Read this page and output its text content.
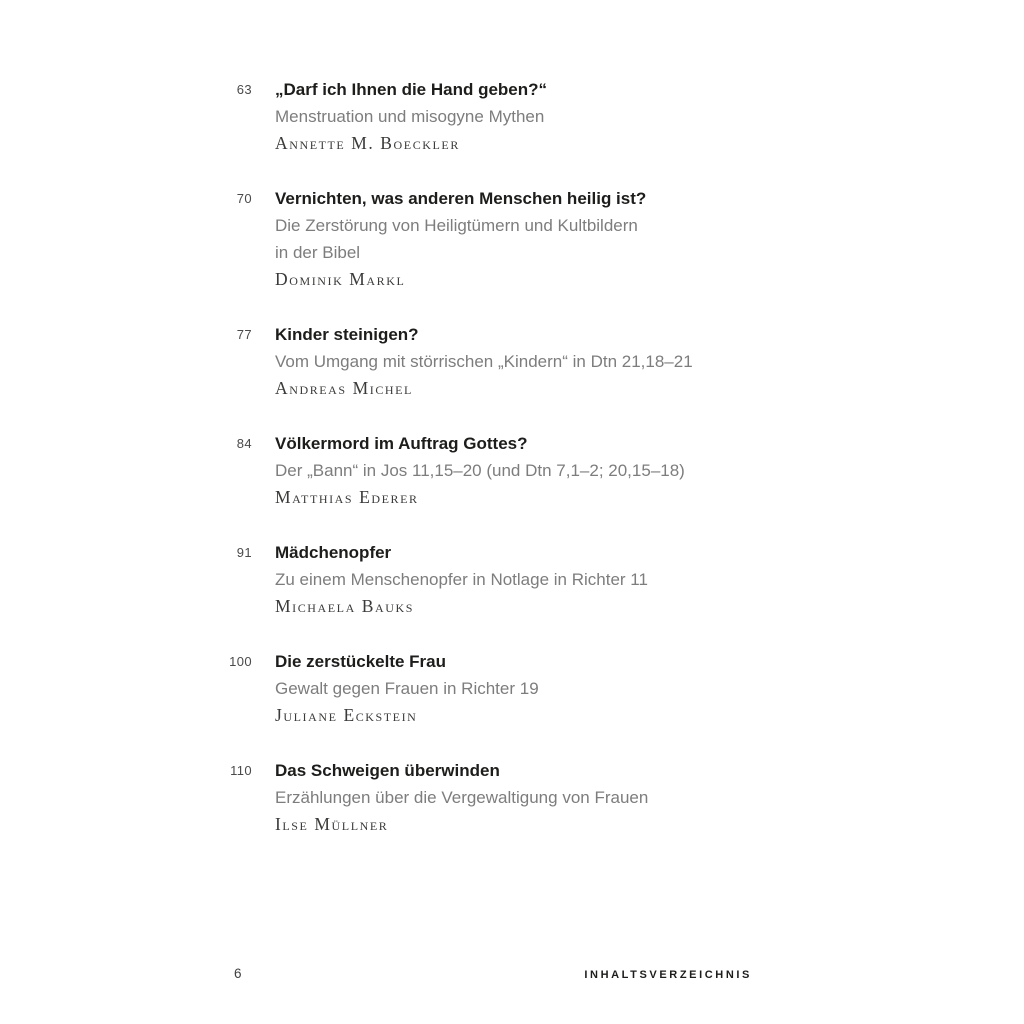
63 „Darf ich Ihnen die Hand geben?“
Menstruation und misogyne Mythen
Annette M. Boeckler
70 Vernichten, was anderen Menschen heilig ist?
Die Zerstörung von Heiligtümern und Kultbildern
in der Bibel
Dominik Markl
77 Kinder steinigen?
Vom Umgang mit störrischen „Kindern“ in Dtn 21,18–21
Andreas Michel
84 Völkermord im Auftrag Gottes?
Der „Bann“ in Jos 11,15–20 (und Dtn 7,1–2; 20,15–18)
Matthias Ederer
91 Mädchenopfer
Zu einem Menschenopfer in Notlage in Richter 11
Michaela Bauks
100 Die zerstückelte Frau
Gewalt gegen Frauen in Richter 19
Juliane Eckstein
110 Das Schweigen überwinden
Erzählungen über die Vergewaltigung von Frauen
Ilse Müllner
6	INHALTSVERZEICHNIS
